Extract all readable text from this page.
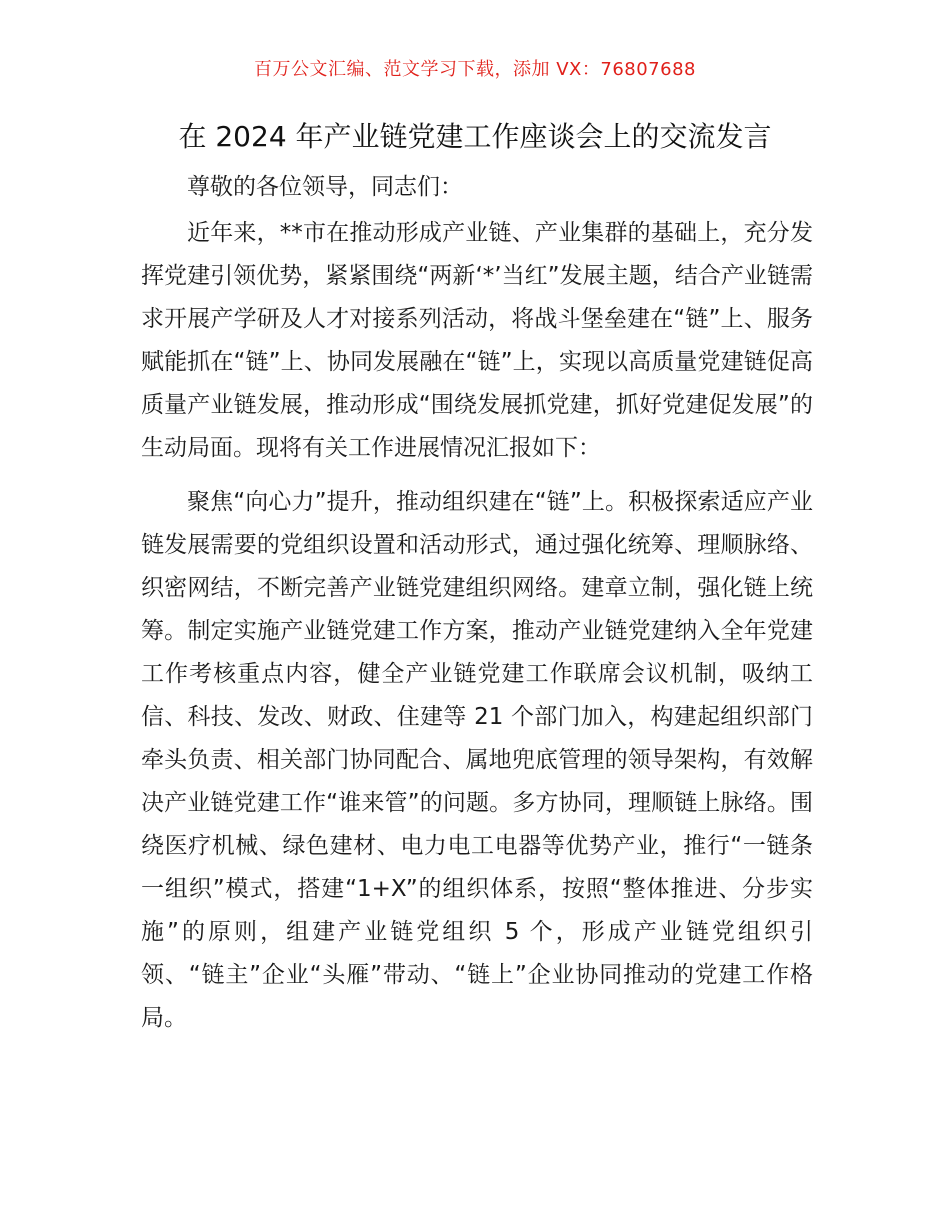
百万公文汇编、范文学习下载，添加 VX：76807688
在 2024 年产业链党建工作座谈会上的交流发言

尊敬的各位领导，同志们：

近年来，**市在推动形成产业链、产业集群的基础上，充分发挥党建引领优势，紧紧围绕“两新‘*’当红”发展主题，结合产业链需求开展产学研及人才对接系列活动，将战斗堡垒建在“链”上、服务赋能抓在“链”上、协同发展融在“链”上，实现以高质量党建链促高质量产业链发展，推动形成“围绕发展抓党建，抓好党建促发展”的生动局面。现将有关工作进展情况汇报如下：

聚焦“向心力”提升，推动组织建在“链”上。积极探索适应产业链发展需要的党组织设置和活动形式，通过强化统筹、理顺脉络、织密网结，不断完善产业链党建组织网络。建章立制，强化链上统筹。制定实施产业链党建工作方案，推动产业链党建纳入全年党建工作考核重点内容，健全产业链党建工作联席会议机制，吸纳工信、科技、发改、财政、住建等 21 个部门加入，构建起组织部门牵头负责、相关部门协同配合、属地兜底管理的领导架构，有效解决产业链党建工作“谁来管”的问题。多方协同，理顺链上脉络。围绕医疗机械、绿色建材、电力电工电器等优势产业，推行“一链条一组织”模式，搭建“1+X”的组织体系，按照“整体推进、分步实施”的原则，组建产业链党组织 5 个，形成产业链党组织引领、“链主”企业“头雁”带动、“链上”企业协同推动的党建工作格局。
